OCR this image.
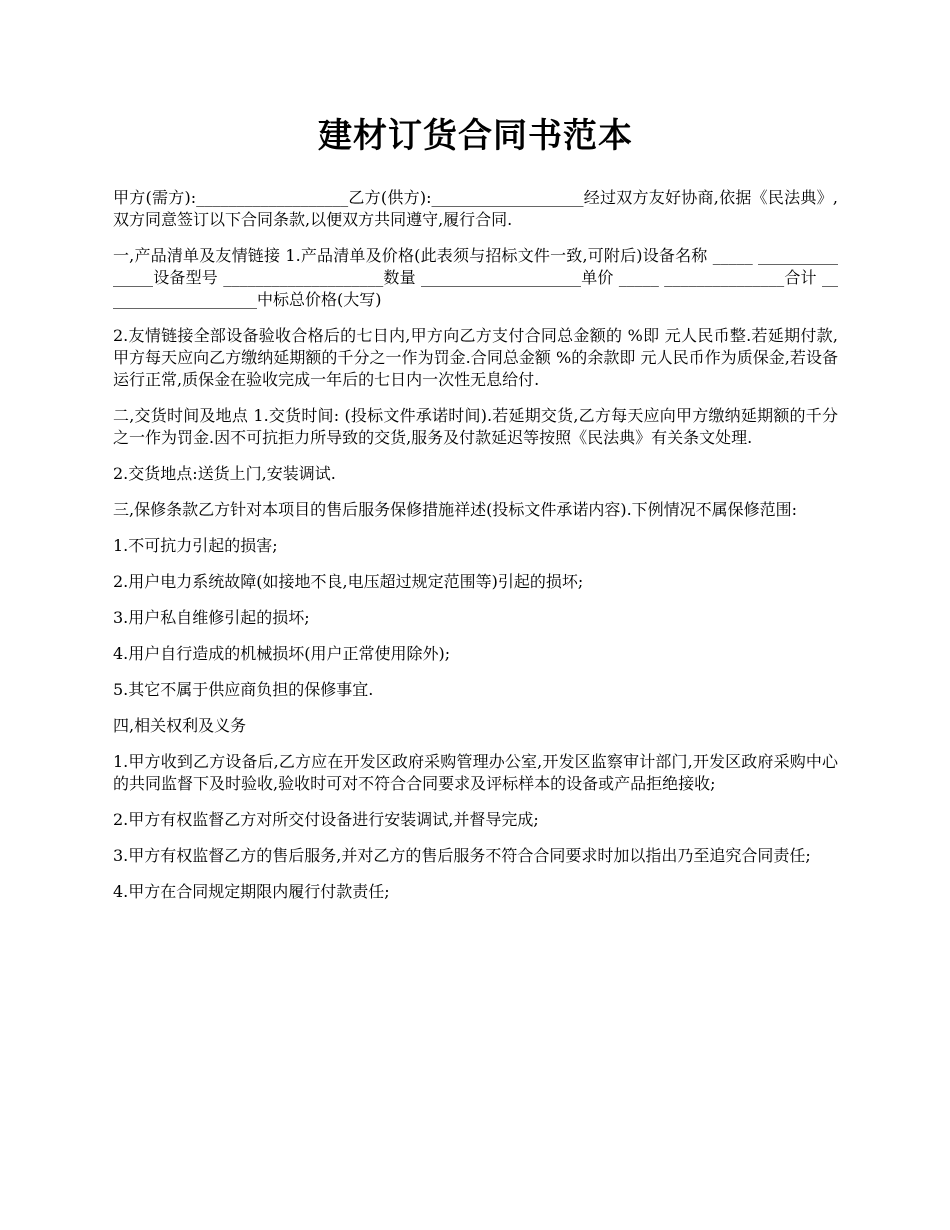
建材订货合同书范本

甲方(需方):___________________乙方(供方):___________________经过双方友好协商,依据《民法典》,双方同意签订以下合同条款,以便双方共同遵守,履行合同.

一,产品清单及友情链接 1.产品清单及价格(此表须与招标文件一致,可附后)设备名称 _____ _______________设备型号 ____________________数量 ____________________单价 _____ _______________合计 ____________________中标总价格(大写)

2.友情链接全部设备验收合格后的七日内,甲方向乙方支付合同总金额的 %即 元人民币整.若延期付款,甲方每天应向乙方缴纳延期额的千分之一作为罚金.合同总金额 %的余款即 元人民币作为质保金,若设备运行正常,质保金在验收完成一年后的七日内一次性无息给付.

二,交货时间及地点 1.交货时间: (投标文件承诺时间).若延期交货,乙方每天应向甲方缴纳延期额的千分之一作为罚金.因不可抗拒力所导致的交货,服务及付款延迟等按照《民法典》有关条文处理.

2.交货地点:送货上门,安装调试.

三,保修条款乙方针对本项目的售后服务保修措施祥述(投标文件承诺内容).下例情况不属保修范围:

1.不可抗力引起的损害;

2.用户电力系统故障(如接地不良,电压超过规定范围等)引起的损坏;

3.用户私自维修引起的损坏;

4.用户自行造成的机械损坏(用户正常使用除外);

5.其它不属于供应商负担的保修事宜.

四,相关权利及义务

1.甲方收到乙方设备后,乙方应在开发区政府采购管理办公室,开发区监察审计部门,开发区政府采购中心的共同监督下及时验收,验收时可对不符合合同要求及评标样本的设备或产品拒绝接收;

2.甲方有权监督乙方对所交付设备进行安装调试,并督导完成;

3.甲方有权监督乙方的售后服务,并对乙方的售后服务不符合合同要求时加以指出乃至追究合同责任;

4.甲方在合同规定期限内履行付款责任;
